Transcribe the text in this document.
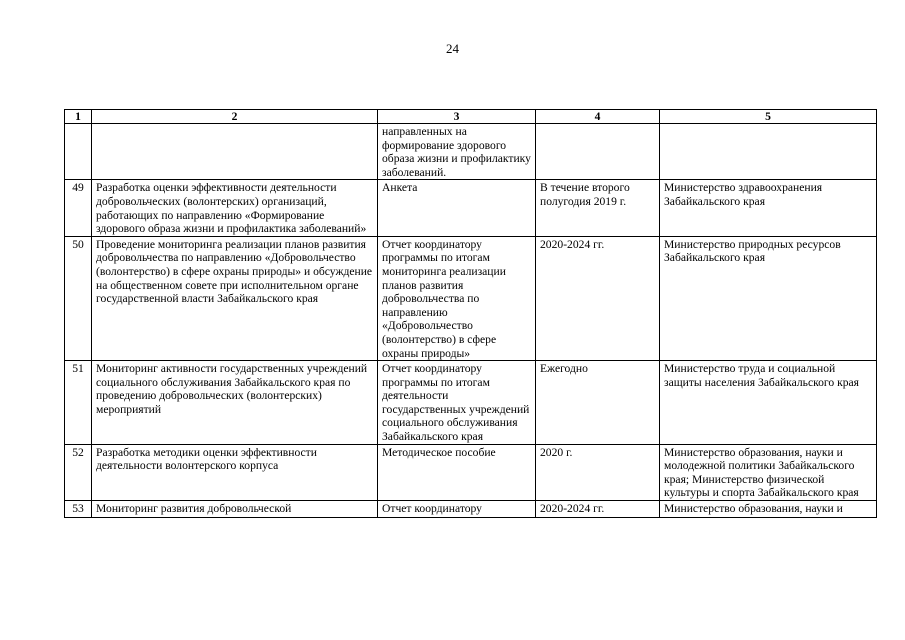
24
1	2	3	4	5
		направленных на формирование здорового образа жизни и профилактику заболеваний.		
49	Разработка оценки эффективности деятельности добровольческих (волонтерских) организаций, работающих по направлению «Формирование здорового образа жизни и профилактика заболеваний»	Анкета	В течение второго полугодия 2019 г.	Министерство здравоохранения Забайкальского края
50	Проведение мониторинга реализации планов развития добровольчества по направлению «Добровольчество (волонтерство) в сфере охраны природы» и обсуждение на общественном совете при исполнительном органе государственной власти Забайкальского края	Отчет координатору программы по итогам мониторинга реализации планов развития добровольчества по направлению «Добровольчество (волонтерство) в сфере охраны природы»	2020-2024 гг.	Министерство природных ресурсов Забайкальского края
51	Мониторинг активности государственных учреждений социального обслуживания Забайкальского края по проведению добровольческих (волонтерских) мероприятий	Отчет координатору программы по итогам деятельности государственных учреждений социального обслуживания Забайкальского края	Ежегодно	Министерство труда и социальной защиты населения Забайкальского края
52	Разработка методики оценки эффективности деятельности волонтерского корпуса	Методическое пособие	2020 г.	Министерство образования, науки и молодежной политики Забайкальского края; Министерство физической культуры и спорта Забайкальского края

53	Мониторинг развития добровольческой	Отчет координатору	2020-2024 гг.	Министерство образования, науки и
